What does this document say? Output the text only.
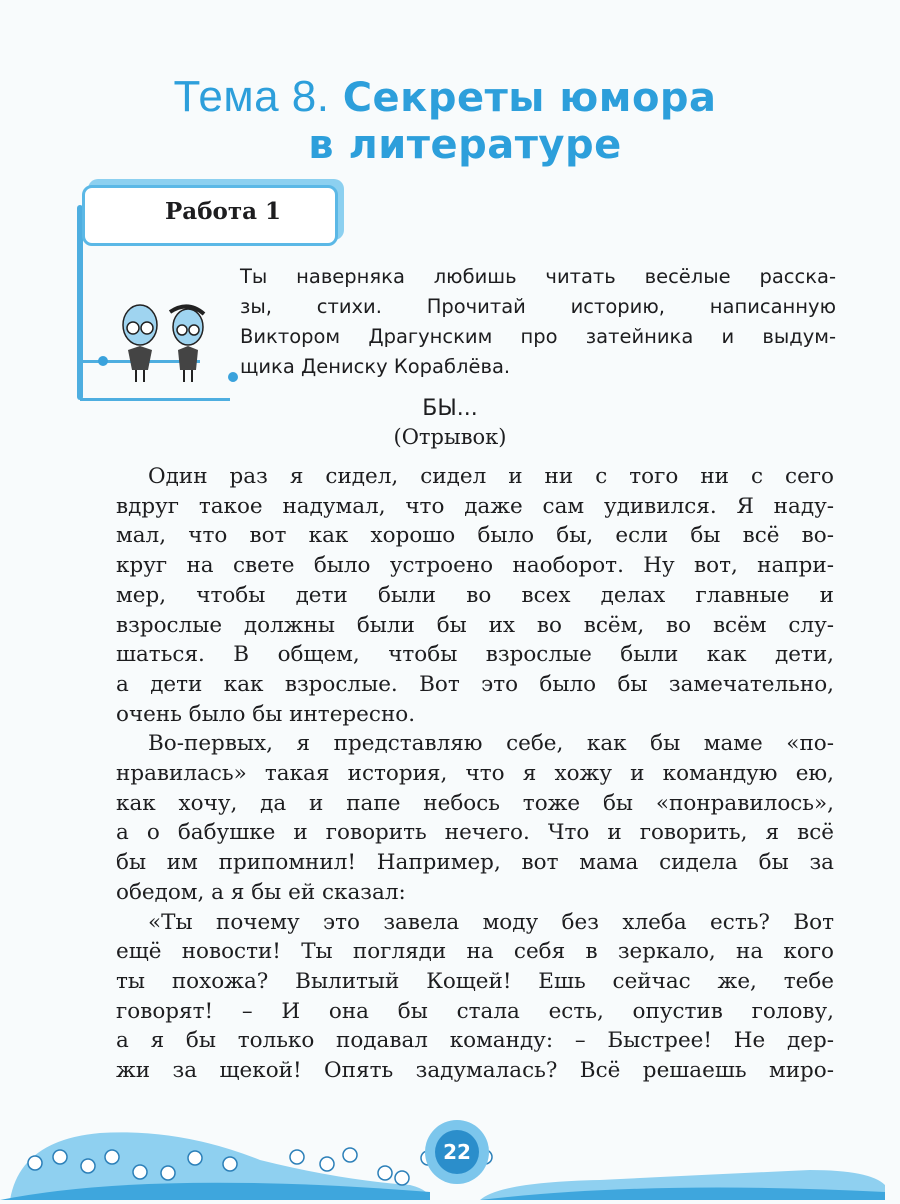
Тема 8. Секреты юмора
в литературе
Работа 1
Ты наверняка любишь читать весёлые расска-
зы, стихи. Прочитай историю, написанную
Виктором Драгунским про затейника и выдум-
щика Дениску Кораблёва.
БЫ...
(Отрывок)
Один раз я сидел, сидел и ни с того ни с сего
вдруг такое надумал, что даже сам удивился. Я наду-
мал, что вот как хорошо было бы, если бы всё во-
круг на свете было устроено наоборот. Ну вот, напри-
мер, чтобы дети были во всех делах главные и
взрослые должны были бы их во всём, во всём слу-
шаться. В общем, чтобы взрослые были как дети,
а дети как взрослые. Вот это было бы замечательно,
очень было бы интересно.
Во-первых, я представляю себе, как бы маме «по-
нравилась» такая история, что я хожу и командую ею,
как хочу, да и папе небось тоже бы «понравилось»,
а о бабушке и говорить нечего. Что и говорить, я всё
бы им припомнил! Например, вот мама сидела бы за
обедом, а я бы ей сказал:
«Ты почему это завела моду без хлеба есть? Вот
ещё новости! Ты погляди на себя в зеркало, на кого
ты похожа? Вылитый Кощей! Ешь сейчас же, тебе
говорят! – И она бы стала есть, опустив голову,
а я бы только подавал команду: – Быстрее! Не дер-
жи за щекой! Опять задумалась? Всё решаешь миро-
22
